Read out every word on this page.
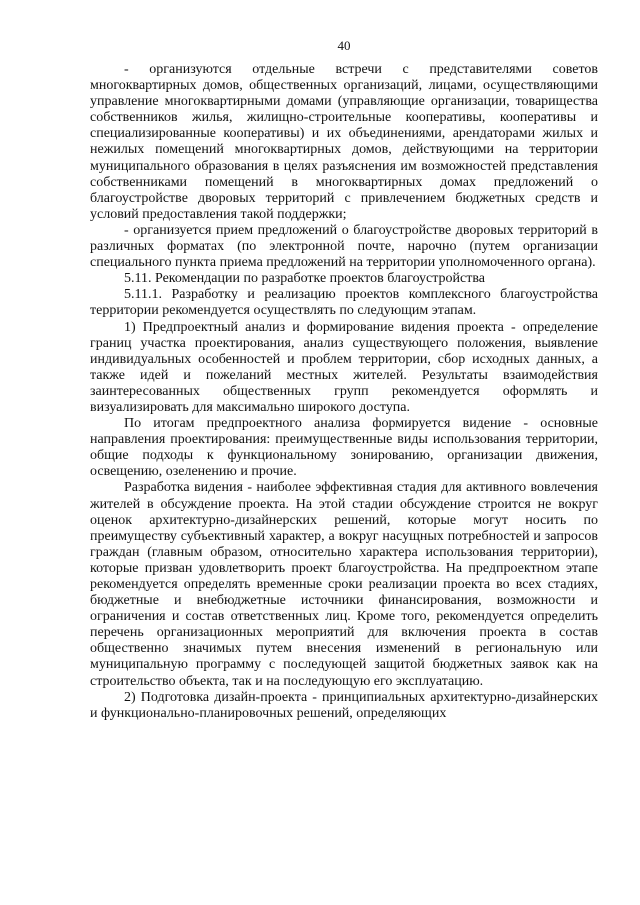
40

- организуются отдельные встречи с представителями советов многоквартирных домов, общественных организаций, лицами, осуществляющими управление многоквартирными домами (управляющие организации, товарищества собственников жилья, жилищно-строительные кооперативы, кооперативы и специализированные кооперативы) и их объединениями, арендаторами жилых и нежилых помещений многоквартирных домов, действующими на территории муниципального образования в целях разъяснения им возможностей представления собственниками помещений в многоквартирных домах предложений о благоустройстве дворовых территорий с привлечением бюджетных средств и условий предоставления такой поддержки;

- организуется прием предложений о благоустройстве дворовых территорий в различных форматах (по электронной почте, нарочно (путем организации специального пункта приема предложений на территории уполномоченного органа).

5.11. Рекомендации по разработке проектов благоустройства

5.11.1. Разработку и реализацию проектов комплексного благоустройства территории рекомендуется осуществлять по следующим этапам.

1) Предпроектный анализ и формирование видения проекта - определение границ участка проектирования, анализ существующего положения, выявление индивидуальных особенностей и проблем территории, сбор исходных данных, а также идей и пожеланий местных жителей. Результаты взаимодействия заинтересованных общественных групп рекомендуется оформлять и визуализировать для максимально широкого доступа.

По итогам предпроектного анализа формируется видение - основные направления проектирования: преимущественные виды использования территории, общие подходы к функциональному зонированию, организации движения, освещению, озеленению и прочие.

Разработка видения - наиболее эффективная стадия для активного вовлечения жителей в обсуждение проекта. На этой стадии обсуждение строится не вокруг оценок архитектурно-дизайнерских решений, которые могут носить по преимуществу субъективный характер, а вокруг насущных потребностей и запросов граждан (главным образом, относительно характера использования территории), которые призван удовлетворить проект благоустройства. На предпроектном этапе рекомендуется определять временные сроки реализации проекта во всех стадиях, бюджетные и внебюджетные источники финансирования, возможности и ограничения и состав ответственных лиц. Кроме того, рекомендуется определить перечень организационных мероприятий для включения проекта в состав общественно значимых путем внесения изменений в региональную или муниципальную программу с последующей защитой бюджетных заявок как на строительство объекта, так и на последующую его эксплуатацию.

2) Подготовка дизайн-проекта - принципиальных архитектурно-дизайнерских и функционально-планировочных решений, определяющих
